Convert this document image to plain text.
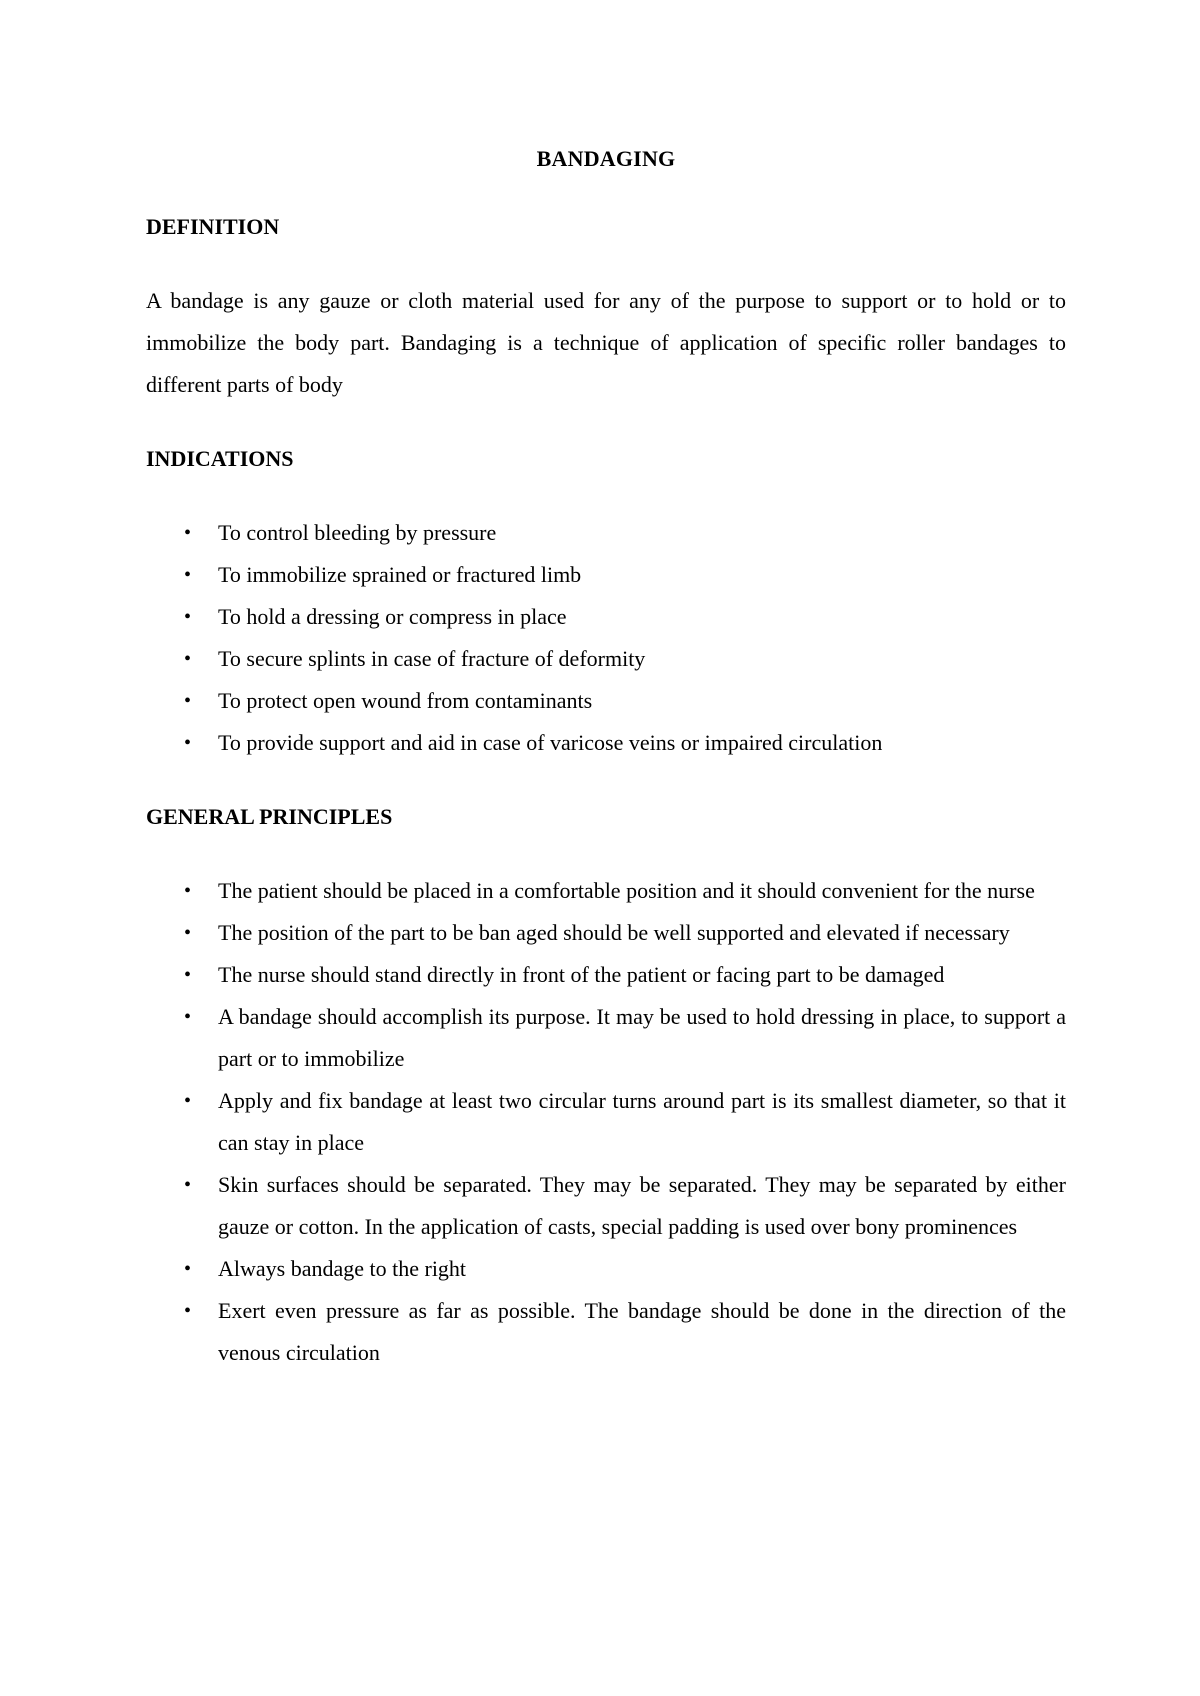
BANDAGING
DEFINITION

A bandage is any gauze or cloth material used for any of the purpose to support or to hold or to immobilize the body part. Bandaging is a technique of application of specific roller bandages to different parts of body

INDICATIONS
• To control bleeding by pressure
• To immobilize sprained or fractured limb
• To hold a dressing or compress in place
• To secure splints in case of fracture of deformity
• To protect open wound from contaminants
• To provide support and aid in case of varicose veins or impaired circulation
GENERAL PRINCIPLES
• The patient should be placed in a comfortable position and it should convenient for the nurse
• The position of the part to be ban aged should be well supported and elevated if necessary
• The nurse should stand directly in front of the patient or facing part to be damaged
• A bandage should accomplish its purpose. It may be used to hold dressing in place, to support a part or to immobilize
• Apply and fix bandage at least two circular turns around part is its smallest diameter, so that it can stay in place
• Skin surfaces should be separated. They may be separated. They may be separated by either gauze or cotton. In the application of casts, special padding is used over bony prominences
• Always bandage to the right
• Exert even pressure as far as possible. The bandage should be done in the direction of the venous circulation
